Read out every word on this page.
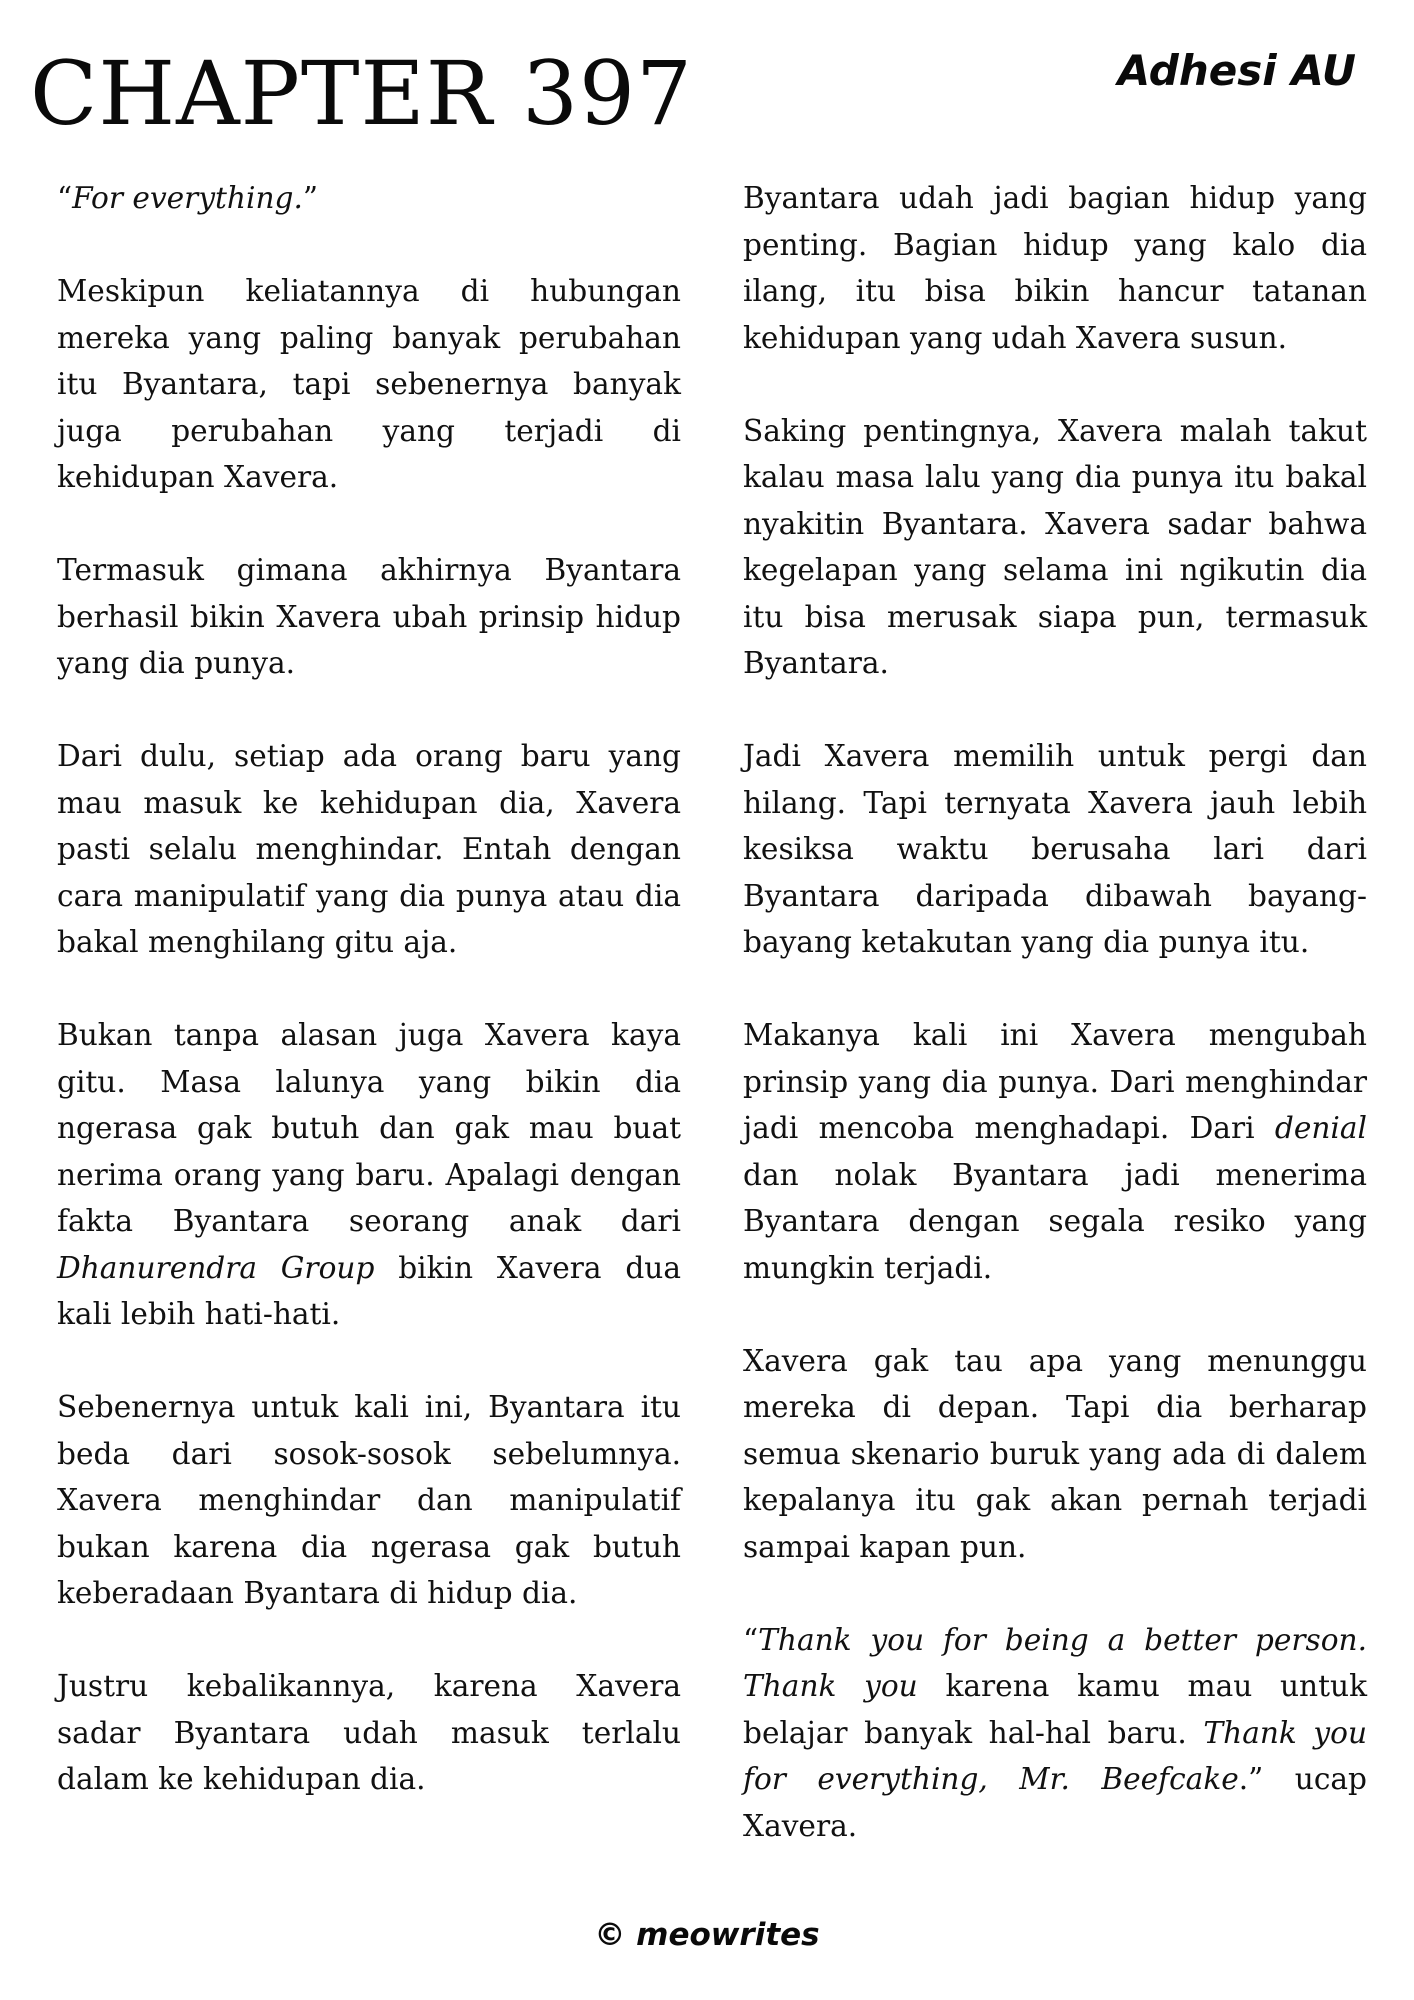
CHAPTER 397	Adhesi AU

“For everything.”

Meskipun keliatannya di hubungan mereka yang paling banyak perubahan itu Byantara, tapi sebenernya banyak juga perubahan yang terjadi di kehidupan Xavera.

Termasuk gimana akhirnya Byantara berhasil bikin Xavera ubah prinsip hidup yang dia punya.

Dari dulu, setiap ada orang baru yang mau masuk ke kehidupan dia, Xavera pasti selalu menghindar. Entah dengan cara manipulatif yang dia punya atau dia bakal menghilang gitu aja.

Bukan tanpa alasan juga Xavera kaya gitu. Masa lalunya yang bikin dia ngerasa gak butuh dan gak mau buat nerima orang yang baru. Apalagi dengan fakta Byantara seorang anak dari Dhanurendra Group bikin Xavera dua kali lebih hati-hati.

Sebenernya untuk kali ini, Byantara itu beda dari sosok-sosok sebelumnya. Xavera menghindar dan manipulatif bukan karena dia ngerasa gak butuh keberadaan Byantara di hidup dia.

Justru kebalikannya, karena Xavera sadar Byantara udah masuk terlalu dalam ke kehidupan dia.

Byantara udah jadi bagian hidup yang penting. Bagian hidup yang kalo dia ilang, itu bisa bikin hancur tatanan kehidupan yang udah Xavera susun.

Saking pentingnya, Xavera malah takut kalau masa lalu yang dia punya itu bakal nyakitin Byantara. Xavera sadar bahwa kegelapan yang selama ini ngikutin dia itu bisa merusak siapa pun, termasuk Byantara.

Jadi Xavera memilih untuk pergi dan hilang. Tapi ternyata Xavera jauh lebih kesiksa waktu berusaha lari dari Byantara daripada dibawah bayang-bayang ketakutan yang dia punya itu.

Makanya kali ini Xavera mengubah prinsip yang dia punya. Dari menghindar jadi mencoba menghadapi. Dari denial dan nolak Byantara jadi menerima Byantara dengan segala resiko yang mungkin terjadi.

Xavera gak tau apa yang menunggu mereka di depan. Tapi dia berharap semua skenario buruk yang ada di dalem kepalanya itu gak akan pernah terjadi sampai kapan pun.

“Thank you for being a better person. Thank you karena kamu mau untuk belajar banyak hal-hal baru. Thank you for everything, Mr. Beefcake.” ucap Xavera.

© meowrites
